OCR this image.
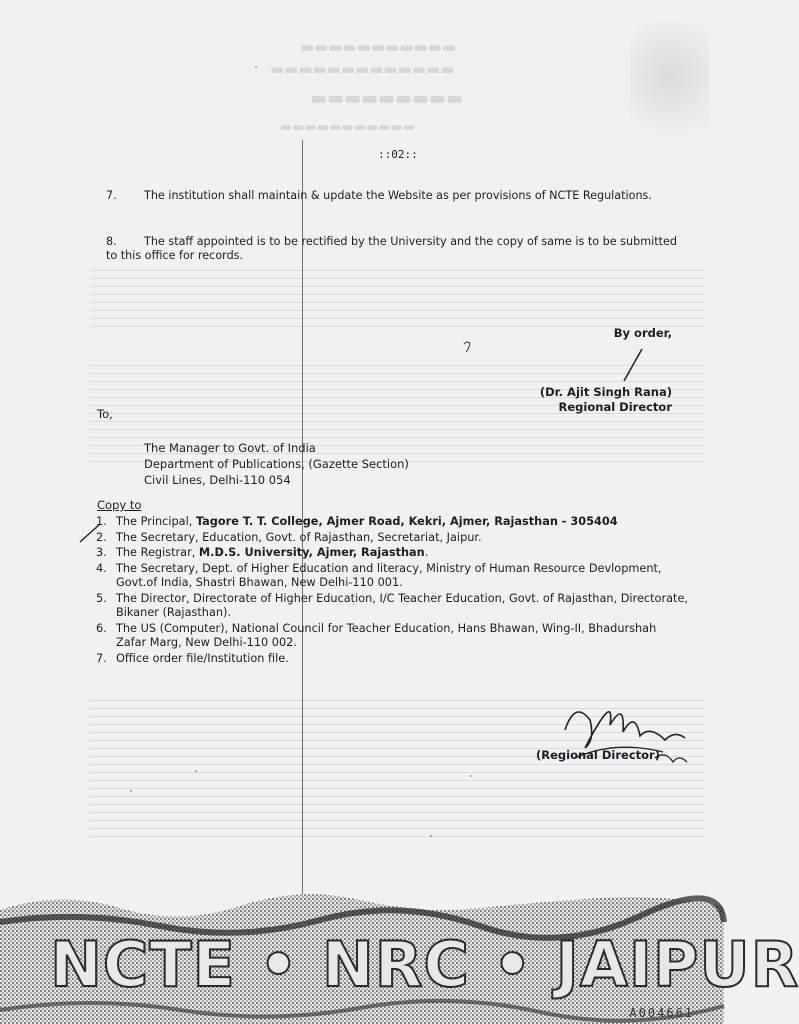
▬▬▬▬▬▬▬▬▬▬▬
▬▬▬▬▬▬▬▬▬▬▬▬▬
▬▬▬▬▬▬▬▬▬
▬▬▬▬▬▬▬▬▬▬▬
::02::
7. The institution shall maintain & update the Website as per provisions of NCTE Regulations.
8. The staff appointed is to be rectified by the University and the copy of same is to be submitted to this office for records.
By order,
(Dr. Ajit Singh Rana)
Regional Director
To,
The Manager to Govt. of India
Department of Publications, (Gazette Section)
Civil Lines, Delhi-110 054
Copy to
1. The Principal, Tagore T. T. College, Ajmer Road, Kekri, Ajmer, Rajasthan - 305404
2. The Secretary, Education, Govt. of Rajasthan, Secretariat, Jaipur.
3. The Registrar, M.D.S. University, Ajmer, Rajasthan.
4. The Secretary, Dept. of Higher Education and literacy, Ministry of Human Resource Devlopment, Govt.of India, Shastri Bhawan, New Delhi-110 001.
5. The Director, Directorate of Higher Education, I/C Teacher Education, Govt. of Rajasthan, Directorate, Bikaner (Rajasthan).
6. The US (Computer), National Council for Teacher Education, Hans Bhawan, Wing-II, Bhadurshah Zafar Marg, New Delhi-110 002.
7. Office order file/Institution file.
(Regional Director)
NCTE • NRC • JAIPUR
A004661
